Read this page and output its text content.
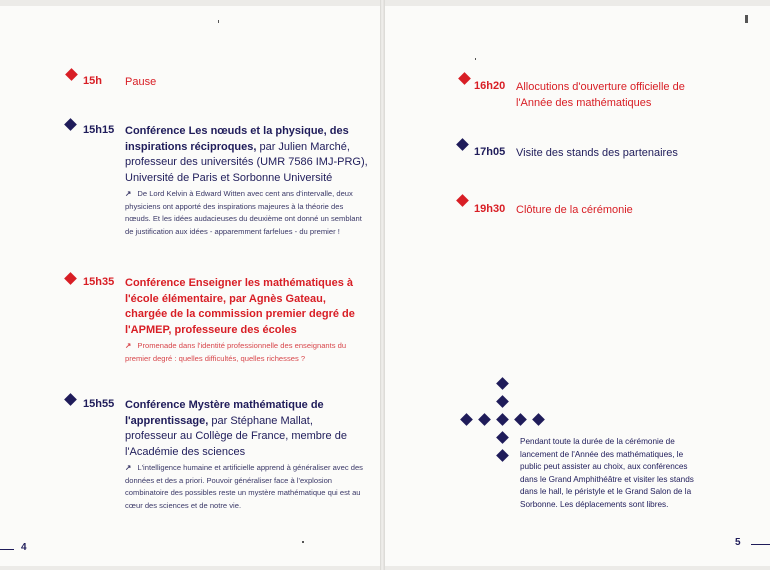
15h Pause
15h15 Conférence Les nœuds et la physique, des inspirations réciproques, par Julien Marché, professeur des universités (UMR 7586 IMJ-PRG), Université de Paris et Sorbonne Université
↗ De Lord Kelvin à Edward Witten avec cent ans d'intervalle, deux physiciens ont apporté des inspirations majeures à la théorie des nœuds. Et les idées audacieuses du deuxième ont donné un semblant de justification aux idées - apparemment farfelues - du premier !
15h35 Conférence Enseigner les mathématiques à l'école élémentaire, par Agnès Gateau, chargée de la commission premier degré de l'APMEP, professeure des écoles
↗ Promenade dans l'identité professionnelle des enseignants du premier degré : quelles difficultés, quelles richesses ?
15h55 Conférence Mystère mathématique de l'apprentissage, par Stéphane Mallat, professeur au Collège de France, membre de l'Académie des sciences
↗ L'intelligence humaine et artificielle apprend à généraliser avec des données et des a priori. Pouvoir généraliser face à l'explosion combinatoire des possibles reste un mystère mathématique qui est au cœur des sciences et de notre vie.
4
16h20 Allocutions d'ouverture officielle de l'Année des mathématiques
17h05 Visite des stands des partenaires
19h30 Clôture de la cérémonie
Pendant toute la durée de la cérémonie de lancement de l'Année des mathématiques, le public peut assister au choix, aux conférences dans le Grand Amphithéâtre et visiter les stands dans le hall, le péristyle et le Grand Salon de la Sorbonne. Les déplacements sont libres.
5
